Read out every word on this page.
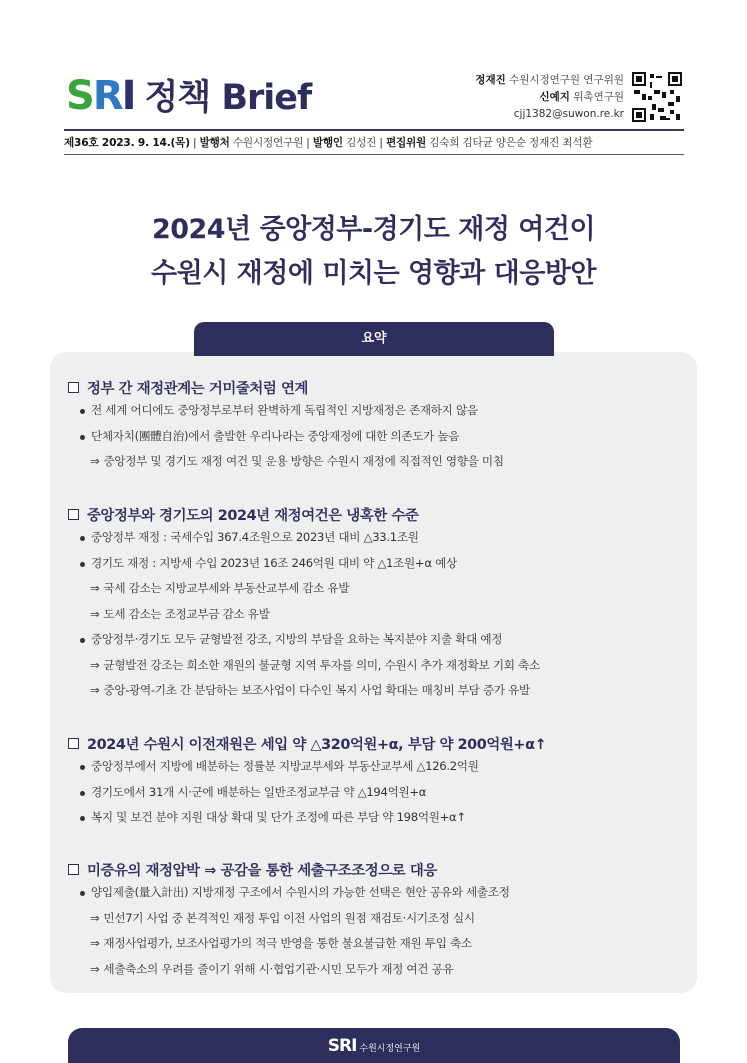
SRI 정책 Brief	정재진 수원시정연구원 연구위원
신예지 위촉연구원
cjj1382@suwon.re.kr
제36호 2023. 9. 14.(목) | 발행처 수원시정연구원 | 발행인 김성진 | 편집위원 김숙희 김타균 양은순 정재진 최석환
2024년 중앙정부-경기도 재정 여건이
수원시 재정에 미치는 영향과 대응방안
요약
정부 간 재정관계는 거미줄처럼 연계
전 세계 어디에도 중앙정부로부터 완벽하게 독립적인 지방재정은 존재하지 않음
단체자치(團體自治)에서 출발한 우리나라는 중앙재정에 대한 의존도가 높음
⇒ 중앙정부 및 경기도 재정 여건 및 운용 방향은 수원시 재정에 직접적인 영향을 미침
중앙정부와 경기도의 2024년 재정여건은 냉혹한 수준
중앙정부 재정 : 국세수입 367.4조원으로 2023년 대비 △33.1조원
경기도 재정 : 지방세 수입 2023년 16조 246억원 대비 약 △1조원+α 예상
⇒ 국세 감소는 지방교부세와 부동산교부세 감소 유발
⇒ 도세 감소는 조정교부금 감소 유발
중앙정부·경기도 모두 균형발전 강조, 지방의 부담을 요하는 복지분야 지출 확대 예정
⇒ 균형발전 강조는 희소한 재원의 불균형 지역 투자를 의미, 수원시 추가 재정확보 기회 축소
⇒ 중앙-광역-기초 간 분담하는 보조사업이 다수인 복지 사업 확대는 매칭비 부담 증가 유발
2024년 수원시 이전재원은 세입 약 △320억원+α, 부담 약 200억원+α↑
중앙정부에서 지방에 배분하는 정률분 지방교부세와 부동산교부세 △126.2억원
경기도에서 31개 시·군에 배분하는 일반조정교부금 약 △194억원+α
복지 및 보건 분야 지원 대상 확대 및 단가 조정에 따른 부담 약 198억원+α↑
미증유의 재정압박 ⇒ 공감을 통한 세출구조조정으로 대응
양입제출(量入計出) 지방재정 구조에서 수원시의 가능한 선택은 현안 공유와 세출조정
⇒ 민선7기 사업 중 본격적인 재정 투입 이전 사업의 원점 재검토·시기조정 실시
⇒ 재정사업평가, 보조사업평가의 적극 반영을 통한 불요불급한 재원 투입 축소
⇒ 세출축소의 우려를 줄이기 위해 시·협업기관·시민 모두가 재정 여건 공유
SRI 수원시정연구원
